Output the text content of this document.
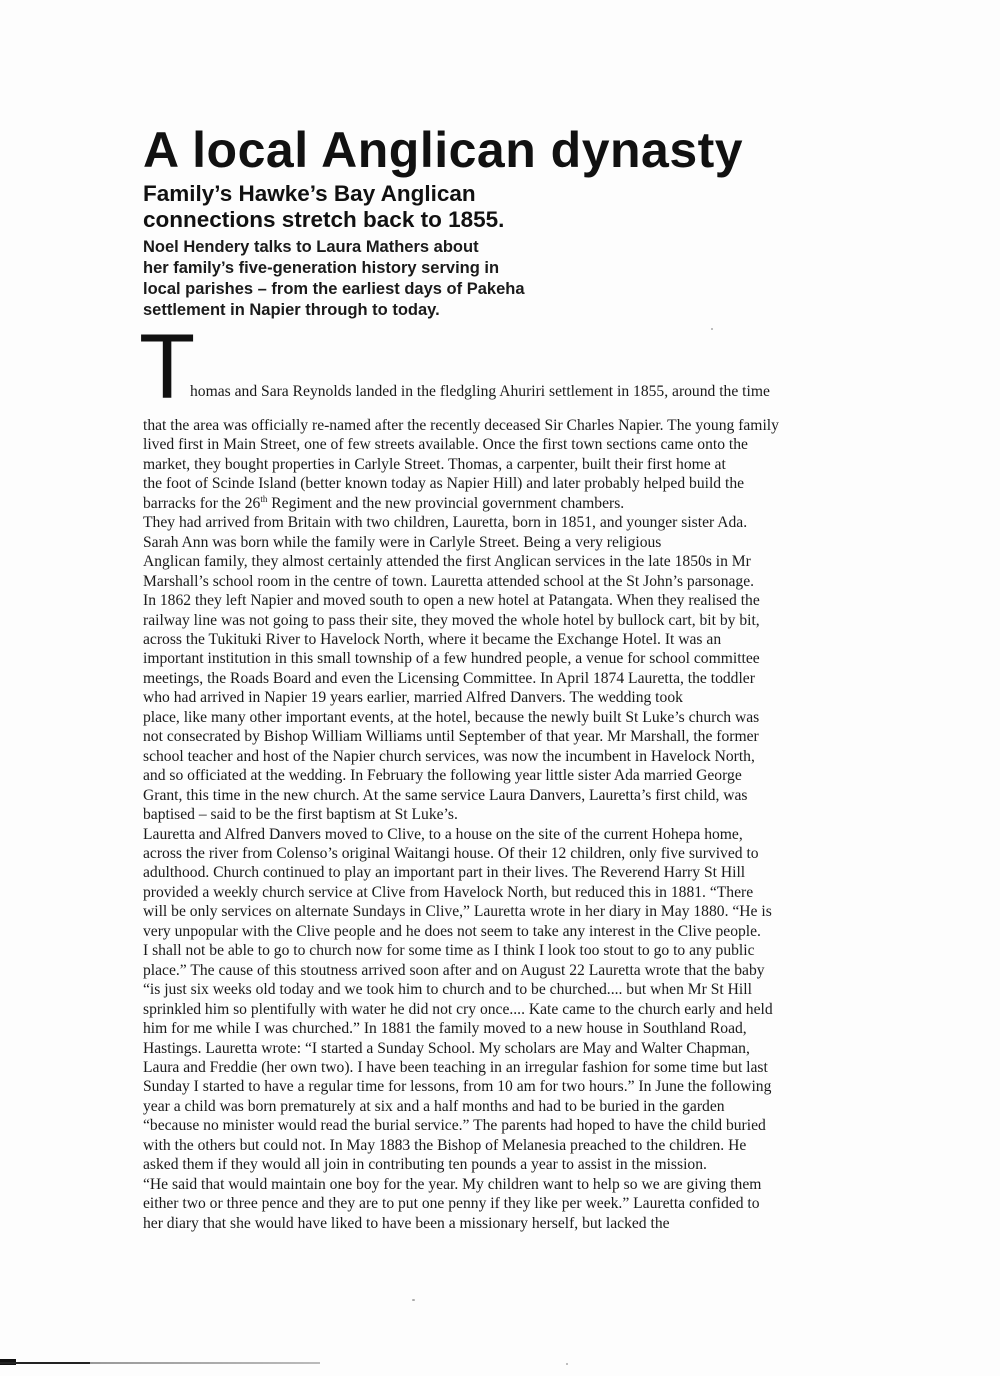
A local Anglican dynasty
Family’s Hawke’s Bay Anglican
connections stretch back to 1855.

Noel Hendery talks to Laura Mathers about
her family’s five-generation history serving in
local parishes – from the earliest days of Pakeha
settlement in Napier through to today.

T
homas and Sara Reynolds landed in the fledgling Ahuriri settlement in 1855, around the time
that the area was officially re-named after the recently deceased Sir Charles Napier. The young family
lived first in Main Street, one of few streets available. Once the first town sections came onto the
market, they bought properties in Carlyle Street. Thomas, a carpenter, built their first home at
the foot of Scinde Island (better known today as Napier Hill) and later probably helped build the
barracks for the 26th Regiment and the new provincial government chambers.
They had arrived from Britain with two children, Lauretta, born in 1851, and younger sister Ada.
Sarah Ann was born while the family were in Carlyle Street. Being a very religious
Anglican family, they almost certainly attended the first Anglican services in the late 1850s in Mr
Marshall’s school room in the centre of town. Lauretta attended school at the St John’s parsonage.
In 1862 they left Napier and moved south to open a new hotel at Patangata. When they realised the
railway line was not going to pass their site, they moved the whole hotel by bullock cart, bit by bit,
across the Tukituki River to Havelock North, where it became the Exchange Hotel. It was an
important institution in this small township of a few hundred people, a venue for school committee
meetings, the Roads Board and even the Licensing Committee. In April 1874 Lauretta, the toddler
who had arrived in Napier 19 years earlier, married Alfred Danvers. The wedding took
place, like many other important events, at the hotel, because the newly built St Luke’s church was
not consecrated by Bishop William Williams until September of that year. Mr Marshall, the former
school teacher and host of the Napier church services, was now the incumbent in Havelock North,
and so officiated at the wedding. In February the following year little sister Ada married George
Grant, this time in the new church. At the same service Laura Danvers, Lauretta’s first child, was
baptised – said to be the first baptism at St Luke’s.
Lauretta and Alfred Danvers moved to Clive, to a house on the site of the current Hohepa home,
across the river from Colenso’s original Waitangi house. Of their 12 children, only five survived to
adulthood. Church continued to play an important part in their lives. The Reverend Harry St Hill
provided a weekly church service at Clive from Havelock North, but reduced this in 1881. “There
will be only services on alternate Sundays in Clive,” Lauretta wrote in her diary in May 1880. “He is
very unpopular with the Clive people and he does not seem to take any interest in the Clive people.
I shall not be able to go to church now for some time as I think I look too stout to go to any public
place.” The cause of this stoutness arrived soon after and on August 22 Lauretta wrote that the baby
“is just six weeks old today and we took him to church and to be churched.... but when Mr St Hill
sprinkled him so plentifully with water he did not cry once.... Kate came to the church early and held
him for me while I was churched.” In 1881 the family moved to a new house in Southland Road,
Hastings. Lauretta wrote: “I started a Sunday School. My scholars are May and Walter Chapman,
Laura and Freddie (her own two). I have been teaching in an irregular fashion for some time but last
Sunday I started to have a regular time for lessons, from 10 am for two hours.” In June the following
year a child was born prematurely at six and a half months and had to be buried in the garden
“because no minister would read the burial service.” The parents had hoped to have the child buried
with the others but could not. In May 1883 the Bishop of Melanesia preached to the children. He
asked them if they would all join in contributing ten pounds a year to assist in the mission.
“He said that would maintain one boy for the year. My children want to help so we are giving them
either two or three pence and they are to put one penny if they like per week.” Lauretta confided to
her diary that she would have liked to have been a missionary herself, but lacked the
